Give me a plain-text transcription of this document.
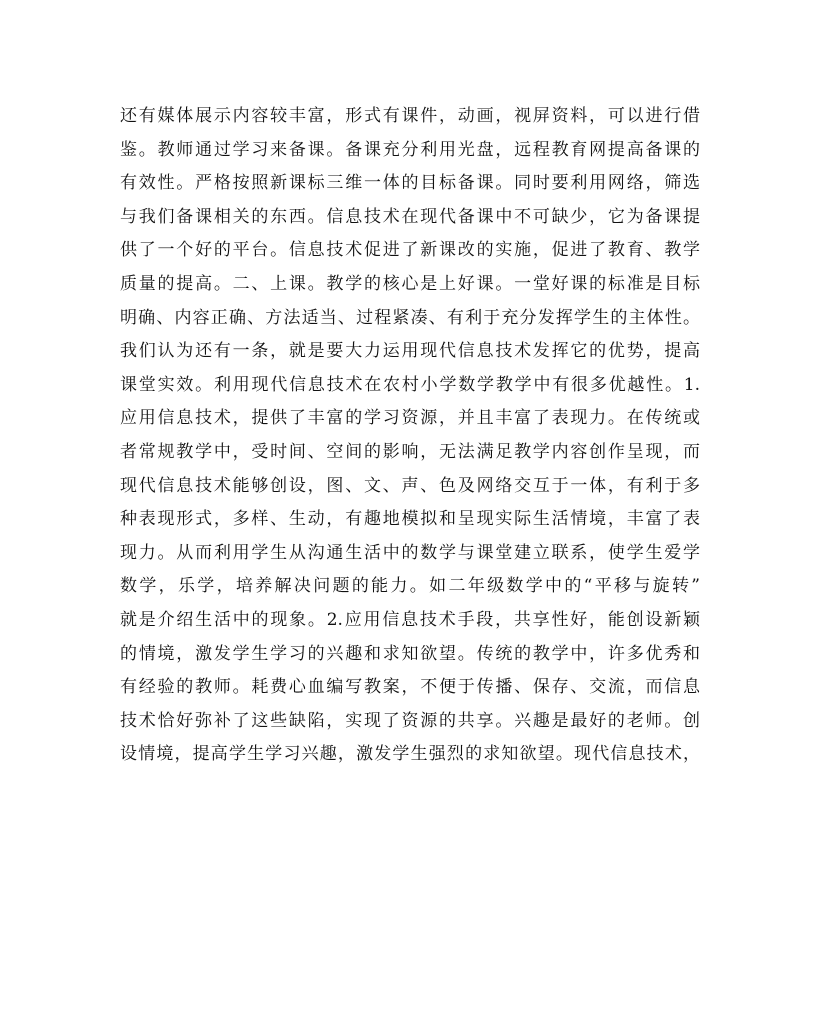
还有媒体展示内容较丰富，形式有课件，动画，视屏资料，可以进行借
鉴。教师通过学习来备课。备课充分利用光盘，远程教育网提高备课的
有效性。严格按照新课标三维一体的目标备课。同时要利用网络，筛选
与我们备课相关的东西。信息技术在现代备课中不可缺少，它为备课提
供了一个好的平台。信息技术促进了新课改的实施，促进了教育、教学
质量的提高。二、上课。教学的核心是上好课。一堂好课的标准是目标
明确、内容正确、方法适当、过程紧凑、有利于充分发挥学生的主体性。
我们认为还有一条，就是要大力运用现代信息技术发挥它的优势，提高
课堂实效。利用现代信息技术在农村小学数学教学中有很多优越性。1.
应用信息技术，提供了丰富的学习资源，并且丰富了表现力。在传统或
者常规教学中，受时间、空间的影响，无法满足教学内容创作呈现，而
现代信息技术能够创设，图、文、声、色及网络交互于一体，有利于多
种表现形式，多样、生动，有趣地模拟和呈现实际生活情境，丰富了表
现力。从而利用学生从沟通生活中的数学与课堂建立联系，使学生爱学
数学，乐学，培养解决问题的能力。如二年级数学中的“平移与旋转”
就是介绍生活中的现象。2.应用信息技术手段，共享性好，能创设新颖
的情境，激发学生学习的兴趣和求知欲望。传统的教学中，许多优秀和
有经验的教师。耗费心血编写教案，不便于传播、保存、交流，而信息
技术恰好弥补了这些缺陷，实现了资源的共享。兴趣是最好的老师。创
设情境，提高学生学习兴趣，激发学生强烈的求知欲望。现代信息技术，
